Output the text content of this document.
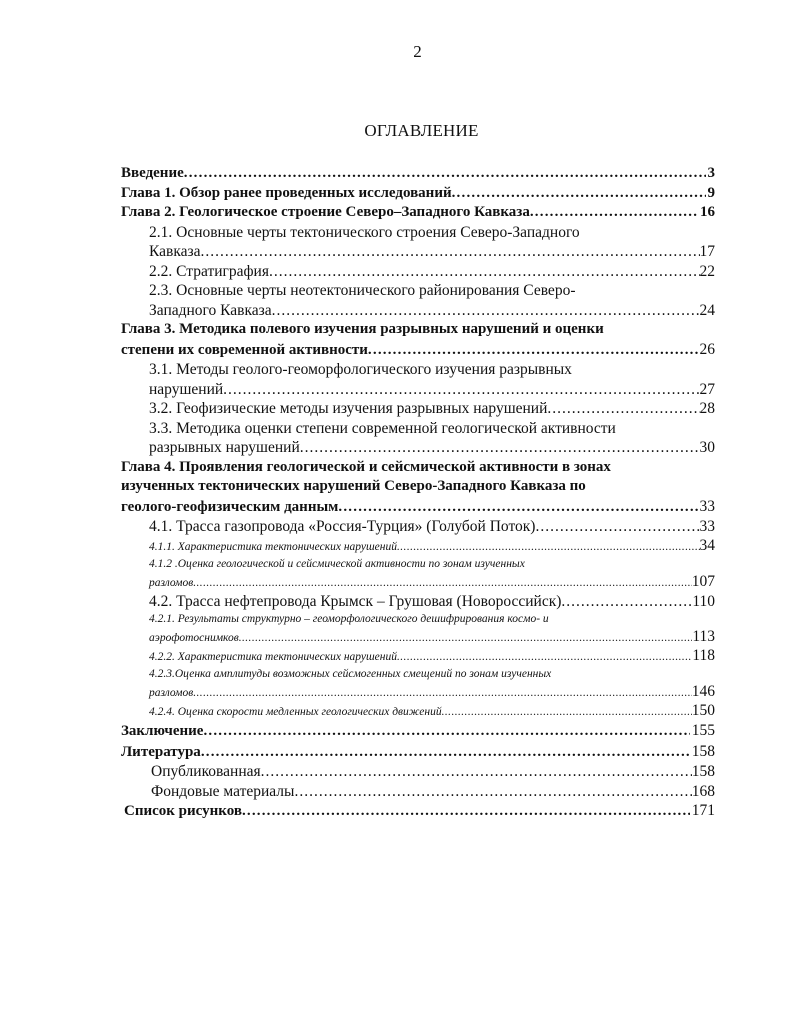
2
ОГЛАВЛЕНИЕ
Введение .....	3
Глава 1. Обзор ранее проведенных исследований .....	9
Глава 2. Геологическое строение Северо–Западного Кавказа .....	16
2.1. Основные черты тектонического строения Северо-Западного
Кавказа .....	17
2.2. Стратиграфия .....	22
2.3. Основные черты неотектонического районирования Северо-
Западного Кавказа .....	24
Глава 3. Методика полевого изучения разрывных нарушений и оценки
степени их современной активности .....	26
3.1. Методы геолого-геоморфологического изучения разрывных
нарушений .....	27
3.2. Геофизические методы изучения разрывных нарушений .....	28
3.3. Методика оценки степени современной геологической активности
разрывных нарушений .....	30
Глава 4. Проявления геологической и сейсмической активности в зонах
изученных тектонических нарушений Северо-Западного Кавказа по
геолого-геофизическим данным .....	33
4.1. Трасса газопровода «Россия-Турция» (Голубой Поток) .....	33
4.1.1. Характеристика тектонических нарушений .....	34
4.1.2 .Оценка геологической и сейсмической активности по зонам изученных
разломов .....	107
4.2. Трасса нефтепровода Крымск – Грушовая (Новороссийск) .....	110
4.2.1. Результаты структурно – геоморфологического дешифрирования космо- и
аэрофотоснимков .....	113
4.2.2. Характеристика тектонических нарушений .....	118
4.2.3.Оценка амплитуды возможных сейсмогенных смещений по зонам изученных
разломов .....	146
4.2.4. Оценка скорости медленных геологических движений .....	150
Заключение .....	155
Литература .....	158
Опубликованная .....	158
Фондовые материалы .....	168
Список рисунков .....	171
